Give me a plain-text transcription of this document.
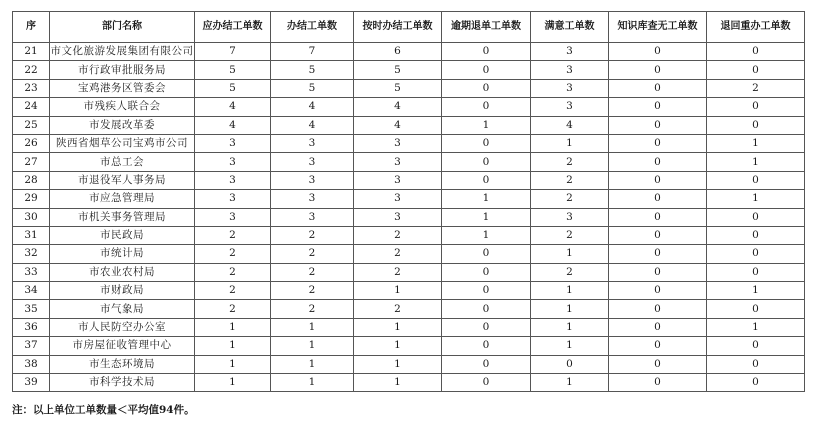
序	部门名称	应办结工单数	办结工单数	按时办结工单数	逾期退单工单数	满意工单数	知识库查无工单数	退回重办工单数
21	市文化旅游发展集团有限公司	7	7	6	0	3	0	0
22	市行政审批服务局	5	5	5	0	3	0	0
23	宝鸡港务区管委会	5	5	5	0	3	0	2
24	市残疾人联合会	4	4	4	0	3	0	0
25	市发展改革委	4	4	4	1	4	0	0
26	陕西省烟草公司宝鸡市公司	3	3	3	0	1	0	1
27	市总工会	3	3	3	0	2	0	1
28	市退役军人事务局	3	3	3	0	2	0	0
29	市应急管理局	3	3	3	1	2	0	1
30	市机关事务管理局	3	3	3	1	3	0	0
31	市民政局	2	2	2	1	2	0	0
32	市统计局	2	2	2	0	1	0	0
33	市农业农村局	2	2	2	0	2	0	0
34	市财政局	2	2	1	0	1	0	1
35	市气象局	2	2	2	0	1	0	0
36	市人民防空办公室	1	1	1	0	1	0	1
37	市房屋征收管理中心	1	1	1	0	1	0	0
38	市生态环境局	1	1	1	0	0	0	0
39	市科学技术局	1	1	1	0	1	0	0
注：以上单位工单数量＜平均值94件。
